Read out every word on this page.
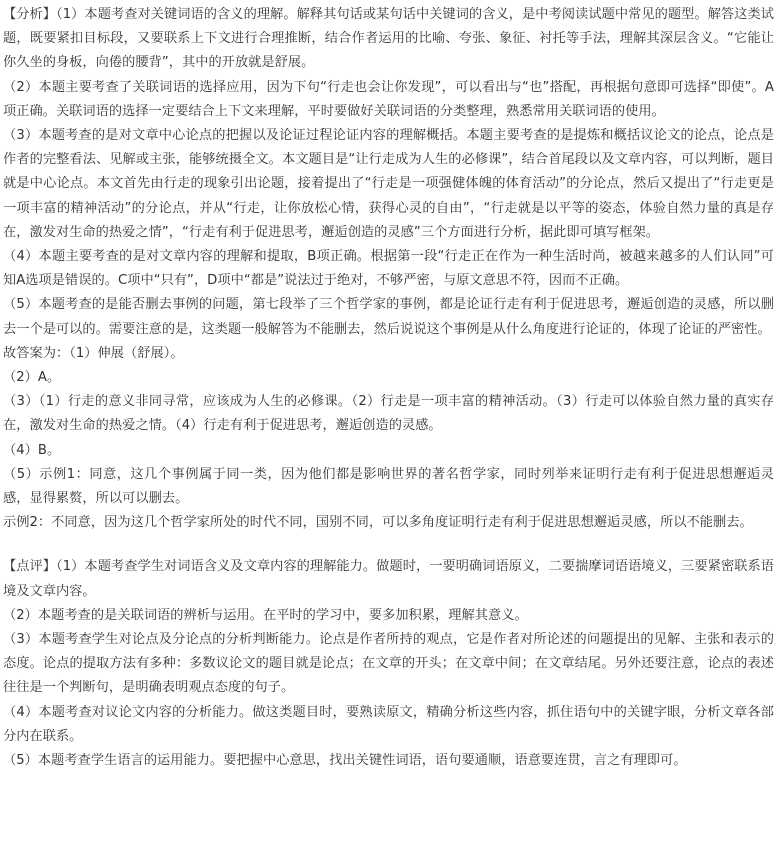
【分析】（1）本题考查对关键词语的含义的理解。解释其句话或某句话中关键词的含义，是中考阅读试题中常见的题型。解答这类试题，既要紧扣目标段，又要联系上下文进行合理推断，结合作者运用的比喻、夸张、象征、衬托等手法，理解其深层含义。“它能让你久坐的身板，向倦的腰背”，其中的开放就是舒展。

（2）本题主要考查了关联词语的选择应用，因为下句“行走也会让你发现”，可以看出与“也”搭配，再根据句意即可选择“即使”。A项正确。关联词语的选择一定要结合上下文来理解，平时要做好关联词语的分类整理，熟悉常用关联词语的使用。

（3）本题考查的是对文章中心论点的把握以及论证过程论证内容的理解概括。本题主要考查的是提炼和概括议论文的论点，论点是作者的完整看法、见解或主张，能够统摄全文。本文题目是“让行走成为人生的必修课”，结合首尾段以及文章内容，可以判断，题目就是中心论点。本文首先由行走的现象引出论题，接着提出了“行走是一项强健体魄的体育活动”的分论点，然后又提出了“行走更是一项丰富的精神活动”的分论点，并从“行走，让你放松心情，获得心灵的自由”，“行走就是以平等的姿态，体验自然力量的真是存在，激发对生命的热爱之情”，“行走有利于促进思考，邂逅创造的灵感”三个方面进行分析，据此即可填写框架。

（4）本题主要考查的是对文章内容的理解和提取，B项正确。根据第一段“行走正在作为一种生活时尚，被越来越多的人们认同”可知A选项是错误的。C项中“只有”，D项中“都是”说法过于绝对，不够严密，与原文意思不符，因而不正确。

（5）本题考查的是能否删去事例的问题，第七段举了三个哲学家的事例，都是论证行走有利于促进思考，邂逅创造的灵感，所以删去一个是可以的。需要注意的是，这类题一般解答为不能删去，然后说说这个事例是从什么角度进行论证的，体现了论证的严密性。

故答案为：（1）伸展（舒展）。

（2）A。

（3）（1）行走的意义非同寻常，应该成为人生的必修课。（2）行走是一项丰富的精神活动。（3）行走可以体验自然力量的真实存在，激发对生命的热爱之情。（4）行走有利于促进思考，邂逅创造的灵感。

（4）B。

（5）示例1：同意，这几个事例属于同一类，因为他们都是影响世界的著名哲学家，同时列举来证明行走有利于促进思想邂逅灵感，显得累赘，所以可以删去。

示例2：不同意，因为这几个哲学家所处的时代不同，国别不同，可以多角度证明行走有利于促进思想邂逅灵感，所以不能删去。

【点评】（1）本题考查学生对词语含义及文章内容的理解能力。做题时，一要明确词语原义，二要揣摩词语语境义，三要紧密联系语境及文章内容。

（2）本题考查的是关联词语的辨析与运用。在平时的学习中，要多加积累，理解其意义。

（3）本题考查学生对论点及分论点的分析判断能力。论点是作者所持的观点，它是作者对所论述的问题提出的见解、主张和表示的态度。论点的提取方法有多种：多数议论文的题目就是论点；在文章的开头；在文章中间；在文章结尾。另外还要注意，论点的表述往往是一个判断句，是明确表明观点态度的句子。

（4）本题考查对议论文内容的分析能力。做这类题目时，要熟读原文，精确分析这些内容，抓住语句中的关键字眼，分析文章各部分内在联系。

（5）本题考查学生语言的运用能力。要把握中心意思，找出关键性词语，语句要通顺，语意要连贯，言之有理即可。
